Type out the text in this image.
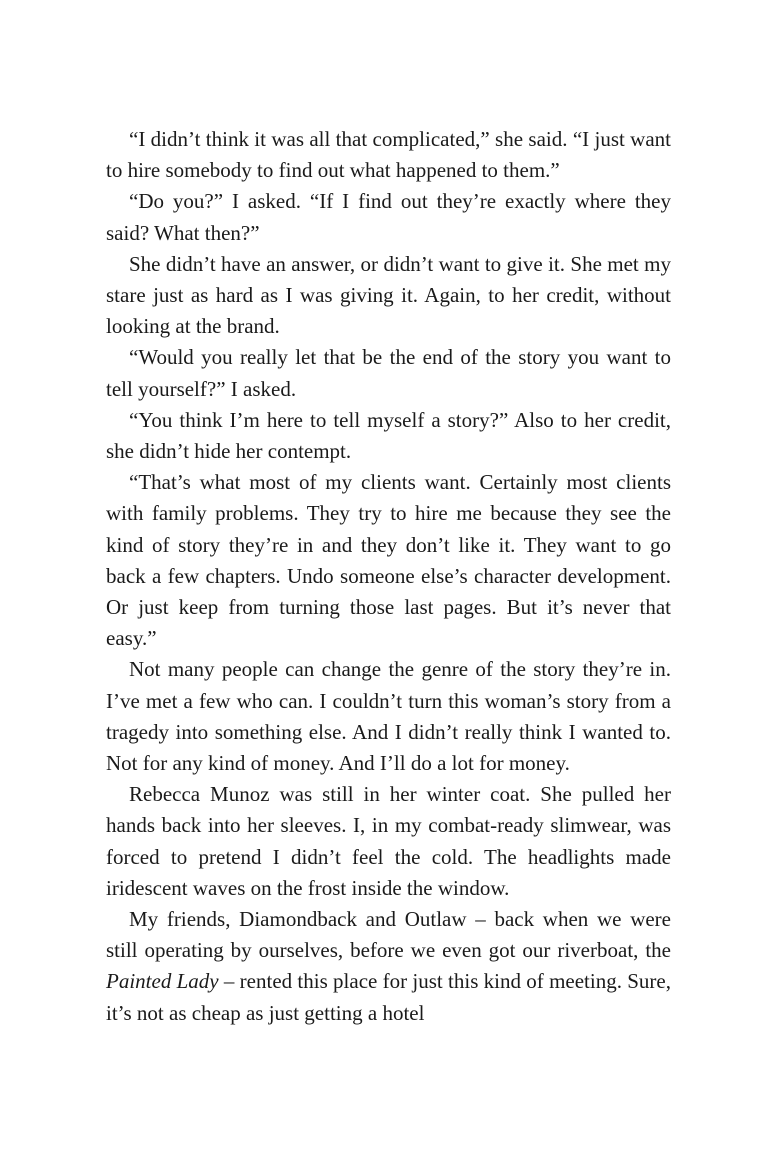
“I didn’t think it was all that complicated,” she said. “I just want to hire somebody to find out what happened to them.”

“Do you?” I asked. “If I find out they’re exactly where they said? What then?”

She didn’t have an answer, or didn’t want to give it. She met my stare just as hard as I was giving it. Again, to her credit, without looking at the brand.

“Would you really let that be the end of the story you want to tell yourself?” I asked.

“You think I’m here to tell myself a story?” Also to her credit, she didn’t hide her contempt.

“That’s what most of my clients want. Certainly most clients with family problems. They try to hire me because they see the kind of story they’re in and they don’t like it. They want to go back a few chapters. Undo someone else’s character development. Or just keep from turning those last pages. But it’s never that easy.”

Not many people can change the genre of the story they’re in. I’ve met a few who can. I couldn’t turn this woman’s story from a tragedy into something else. And I didn’t really think I wanted to. Not for any kind of money. And I’ll do a lot for money.

Rebecca Munoz was still in her winter coat. She pulled her hands back into her sleeves. I, in my combat-ready slimwear, was forced to pretend I didn’t feel the cold. The headlights made iridescent waves on the frost inside the window.

My friends, Diamondback and Outlaw – back when we were still operating by ourselves, before we even got our riverboat, the Painted Lady – rented this place for just this kind of meeting. Sure, it’s not as cheap as just getting a hotel
